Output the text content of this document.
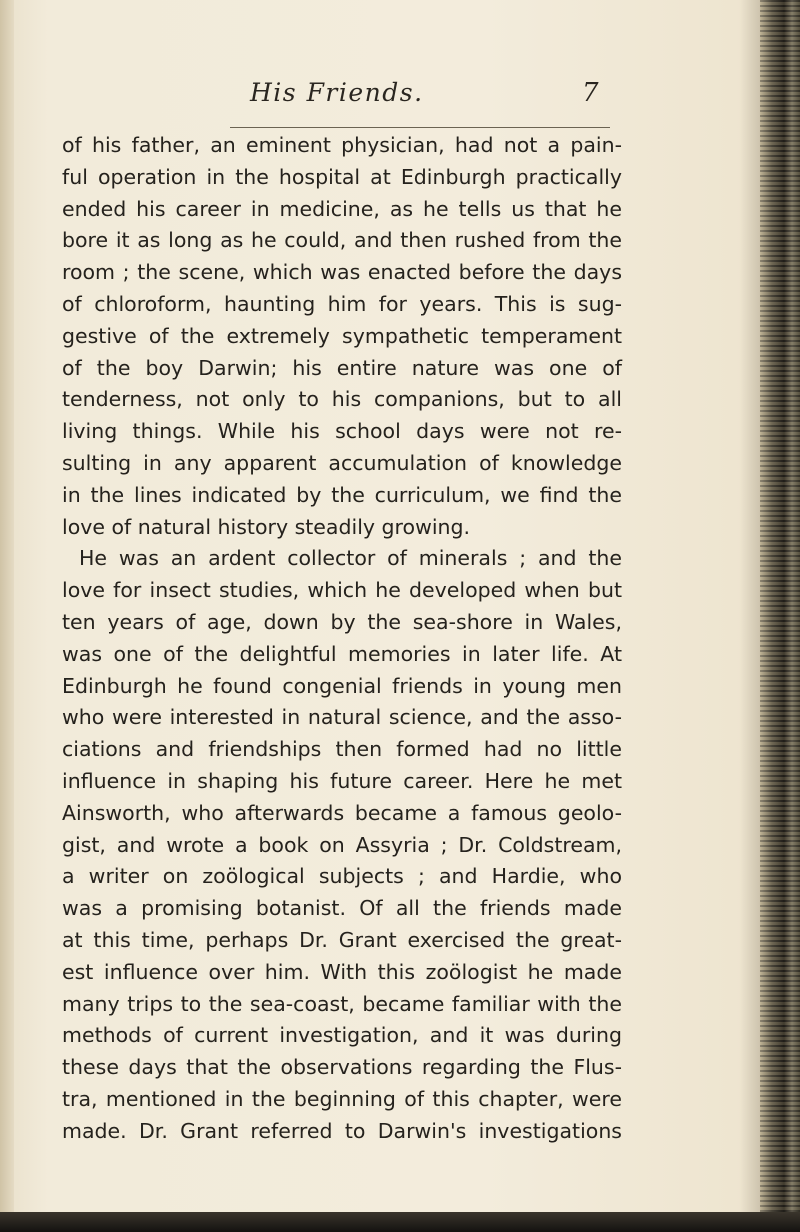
His Friends.	7
of his father, an eminent physician, had not a pain-
ful operation in the hospital at Edinburgh practically
ended his career in medicine, as he tells us that he
bore it as long as he could, and then rushed from the
room ; the scene, which was enacted before the days
of chloroform, haunting him for years. This is sug-
gestive of the extremely sympathetic temperament
of the boy Darwin; his entire nature was one of
tenderness, not only to his companions, but to all
living things. While his school days were not re-
sulting in any apparent accumulation of knowledge
in the lines indicated by the curriculum, we find the
love of natural history steadily growing.
He was an ardent collector of minerals ; and the
love for insect studies, which he developed when but
ten years of age, down by the sea-shore in Wales,
was one of the delightful memories in later life. At
Edinburgh he found congenial friends in young men
who were interested in natural science, and the asso-
ciations and friendships then formed had no little
influence in shaping his future career. Here he met
Ainsworth, who afterwards became a famous geolo-
gist, and wrote a book on Assyria ; Dr. Coldstream,
a writer on zoölogical subjects ; and Hardie, who
was a promising botanist. Of all the friends made
at this time, perhaps Dr. Grant exercised the great-
est influence over him. With this zoölogist he made
many trips to the sea-coast, became familiar with the
methods of current investigation, and it was during
these days that the observations regarding the Flus-
tra, mentioned in the beginning of this chapter, were
made. Dr. Grant referred to Darwin's investigations
